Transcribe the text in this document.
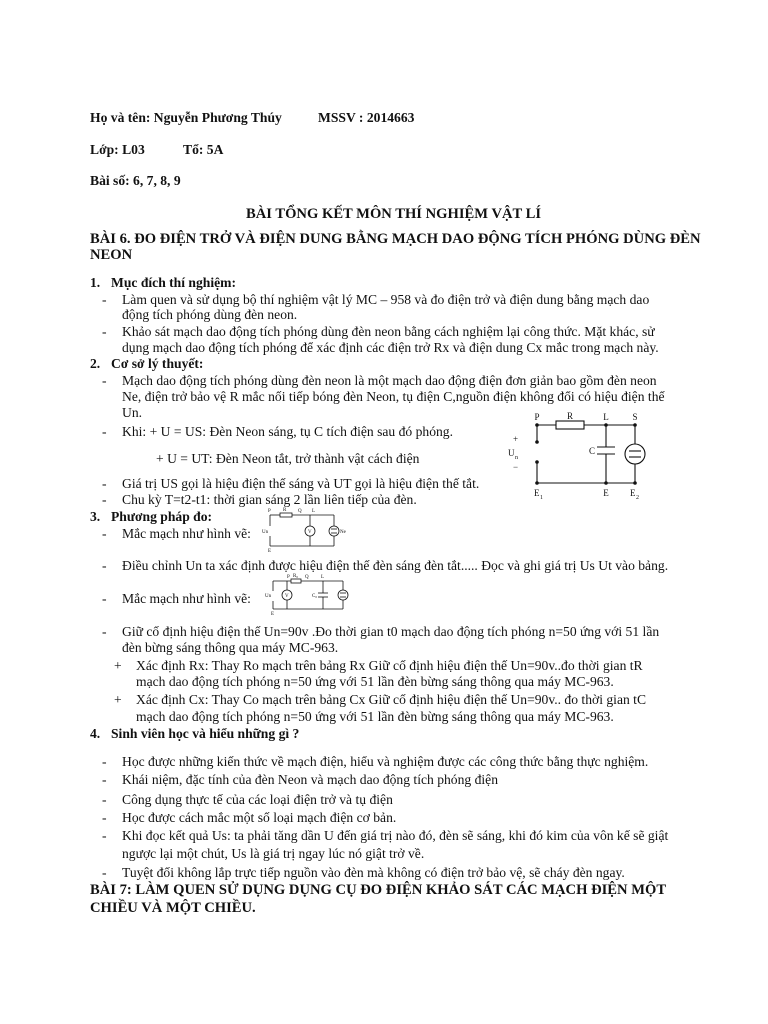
Họ và tên: Nguyễn Phương Thúy	MSSV : 2014663
Lớp: L03	Tổ: 5A
Bài số: 6, 7, 8, 9
BÀI TỔNG KẾT MÔN THÍ NGHIỆM VẬT LÍ
BÀI 6. ĐO ĐIỆN TRỞ VÀ ĐIỆN DUNG BẰNG MẠCH DAO ĐỘNG TÍCH PHÓNG DÙNG ĐÈN
NEON
1. Mục đích thí nghiệm:
- Làm quen và sử dụng bộ thí nghiệm vật lý MC – 958 và đo điện trở và điện dung bằng mạch dao
động tích phóng dùng đèn neon.
- Khảo sát mạch dao động tích phóng dùng đèn neon bằng cách nghiệm lại công thức. Mặt khác, sử
dụng mạch dao động tích phóng để xác định các điện trở Rx và điện dung Cx mắc trong mạch này.
2. Cơ sở lý thuyết:
- Mạch dao động tích phóng dùng đèn neon là một mạch dao động điện đơn giản bao gồm đèn neon
Ne, điện trở bảo vệ R mắc nối tiếp bóng đèn Neon, tụ điện C,nguồn điện không đổi có hiệu điện thế
Un.
- Khi: + U = US: Đèn Neon sáng, tụ C tích điện sau đó phóng.
+ U = UT: Đèn Neon tắt, trở thành vật cách điện
- Giá trị US gọi là hiệu điện thế sáng và UT gọi là hiệu điện thế tắt.
- Chu kỳ T=t2-t1: thời gian sáng 2 lần liên tiếp của đèn.
P	R	L	S
C
+
U n
−
E 1	E E 2
3. Phương pháp đo:
- Mắc mạch như hình vẽ:
P R Q L
V
Un	Ne
E
- Điều chỉnh Un ta xác định được hiệu điện thế đèn sáng đèn tắt..... Đọc và ghi giá trị Us Ut vào bảng.
- Mắc mạch như hình vẽ:
P R₀ Q L
V
Un	C₀
E
- Giữ cố định hiệu điện thế Un=90v .Đo thời gian t0 mạch dao động tích phóng n=50 ứng với 51 lần
đèn bừng sáng thông qua máy MC-963.
+ Xác định Rx: Thay Ro mạch trên bảng Rx Giữ cố định hiệu điện thế Un=90v..đo thời gian tR
mạch dao động tích phóng n=50 ứng với 51 lần đèn bừng sáng thông qua máy MC-963.
+ Xác định Cx: Thay Co mạch trên bảng Cx Giữ cố định hiệu điện thế Un=90v.. đo thời gian tC
mạch dao động tích phóng n=50 ứng với 51 lần đèn bừng sáng thông qua máy MC-963.
4. Sinh viên học và hiểu những gì ?
- Học được những kiến thức về mạch điện, hiểu và nghiệm được các công thức bằng thực nghiệm.
- Khái niệm, đặc tính của đèn Neon và mạch dao động tích phóng điện
- Công dụng thực tế của các loại điện trở và tụ điện
- Học được cách mắc một số loại mạch điện cơ bản.
- Khi đọc kết quả Us: ta phải tăng dần U đến giá trị nào đó, đèn sẽ sáng, khi đó kim của vôn kế sẽ giật
ngược lại một chút, Us là giá trị ngay lúc nó giật trở về.
- Tuyệt đối không lắp trực tiếp nguồn vào đèn mà không có điện trở bảo vệ, sẽ cháy đèn ngay.
BÀI 7: LÀM QUEN SỬ DỤNG DỤNG CỤ ĐO ĐIỆN KHẢO SÁT CÁC MẠCH ĐIỆN MỘT
CHIỀU VÀ MỘT CHIỀU.
